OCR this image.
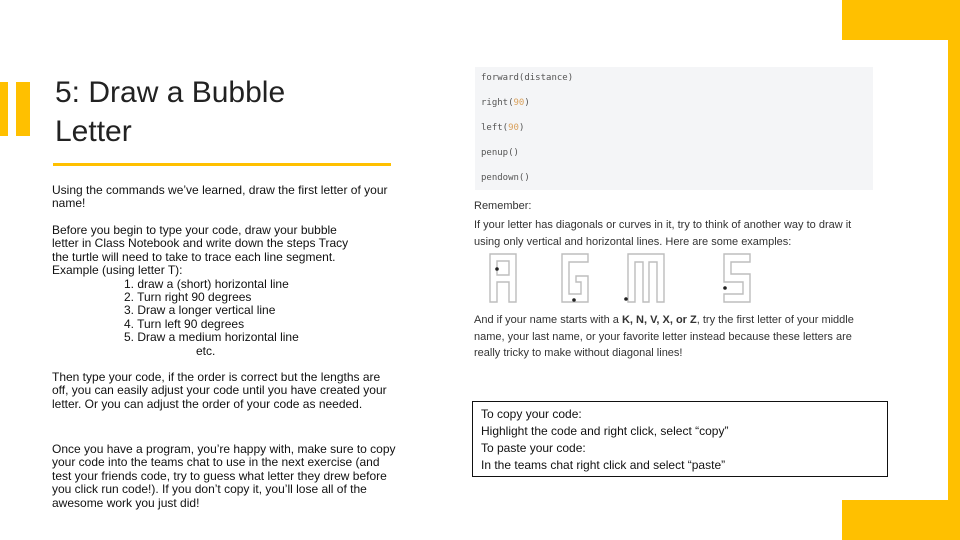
5: Draw a Bubble
Letter
Using the commands we’ve learned, draw the first letter of your name!
Before you begin to type your code, draw your bubble
letter in Class Notebook and write down the steps Tracy
the turtle will need to take to trace each line segment.
Example (using letter T):
1. draw a (short) horizontal line
2. Turn right 90 degrees
3. Draw a longer vertical line
4. Turn left 90 degrees
5. Draw a medium horizontal line
etc.
Then type your code, if the order is correct but the lengths are off, you can easily adjust your code until you have created your letter. Or you can adjust the order of your code as needed.
Once you have a program, you’re happy with, make sure to copy your code into the teams chat to use in the next exercise (and test your friends code, try to guess what letter they drew before you click run code!). If you don’t copy it, you’ll lose all of the awesome work you just did!
forward(distance)
right(90)
left(90)
penup()
pendown()
Remember:
If your letter has diagonals or curves in it, try to think of another way to draw it using only vertical and horizontal lines. Here are some examples:
And if your name starts with a K, N, V, X, or Z, try the first letter of your middle name, your last name, or your favorite letter instead because these letters are really tricky to make without diagonal lines!
To copy your code:
Highlight the code and right click, select “copy”
To paste your code:
In the teams chat right click and select “paste”
